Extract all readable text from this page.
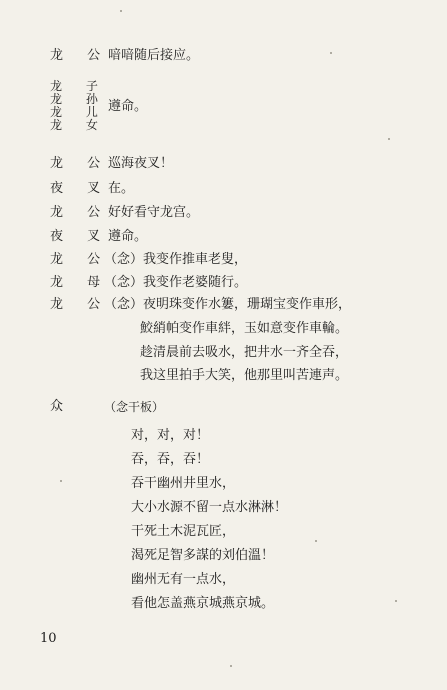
龙 公
喑喑随后接应。
龙 子
龙 孙
龙 儿
龙 女
遵命。
龙 公
巡海夜叉！
夜 叉
在。
龙 公
好好看守龙宫。
夜 叉
遵命。
龙 公
（念）我变作推車老叟，
龙 母
（念）我变作老婆随行。
龙 公
（念）夜明珠变作水簍，珊瑚宝变作車形，
鮫綃帕变作車絆，玉如意变作車輪。
趁清晨前去吸水，把井水一齐全吞，
我这里拍手大笑，他那里叫苦連声。
众	（念干板）
对，对，对！
吞，吞，吞！
吞干幽州井里水，
大小水源不留一点水淋淋！
干死土木泥瓦匠，
渴死足智多謀的刘伯溫！
幽州无有一点水，
看他怎盖燕京城燕京城。
10
